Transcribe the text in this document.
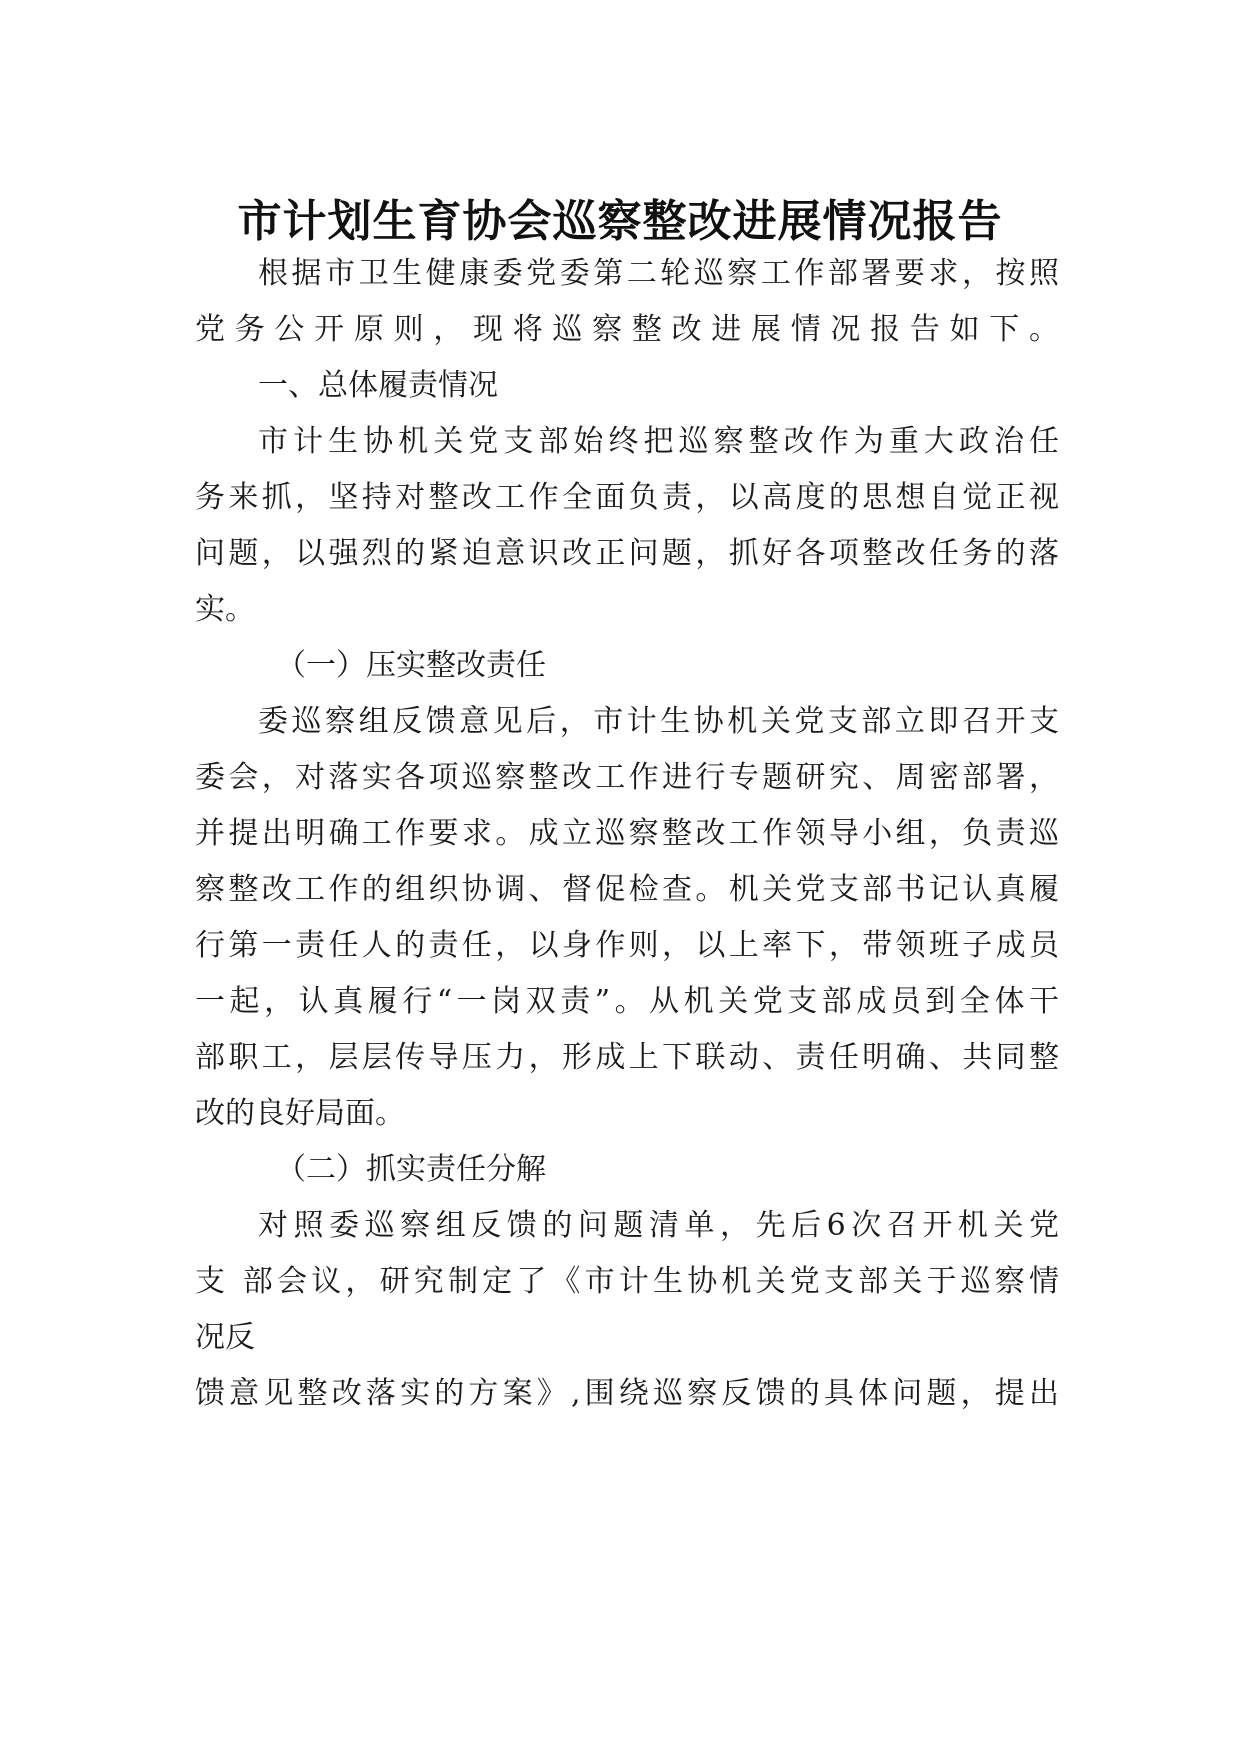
市计划生育协会巡察整改进展情况报告

根据市卫生健康委党委第二轮巡察工作部署要求，按照

党务公开原则，现将巡察整改进展情况报告如下。

一、总体履责情况

市计生协机关党支部始终把巡察整改作为重大政治任

务来抓，坚持对整改工作全面负责，以高度的思想自觉正视

问题，以强烈的紧迫意识改正问题，抓好各项整改任务的落

实。

（一）压实整改责任

委巡察组反馈意见后，市计生协机关党支部立即召开支

委会，对落实各项巡察整改工作进行专题研究、周密部署，

并提出明确工作要求。成立巡察整改工作领导小组，负责巡

察整改工作的组织协调、督促检查。机关党支部书记认真履

行第一责任人的责任，以身作则，以上率下，带领班子成员

一起，认真履行“一岗双责”。从机关党支部成员到全体干

部职工，层层传导压力，形成上下联动、责任明确、共同整

改的良好局面。

（二）抓实责任分解

对照委巡察组反馈的问题清单，先后6次召开机关党

支 部会议，研究制定了《市计生协机关党支部关于巡察情

况反

馈意见整改落实的方案》,围绕巡察反馈的具体问题，提出
